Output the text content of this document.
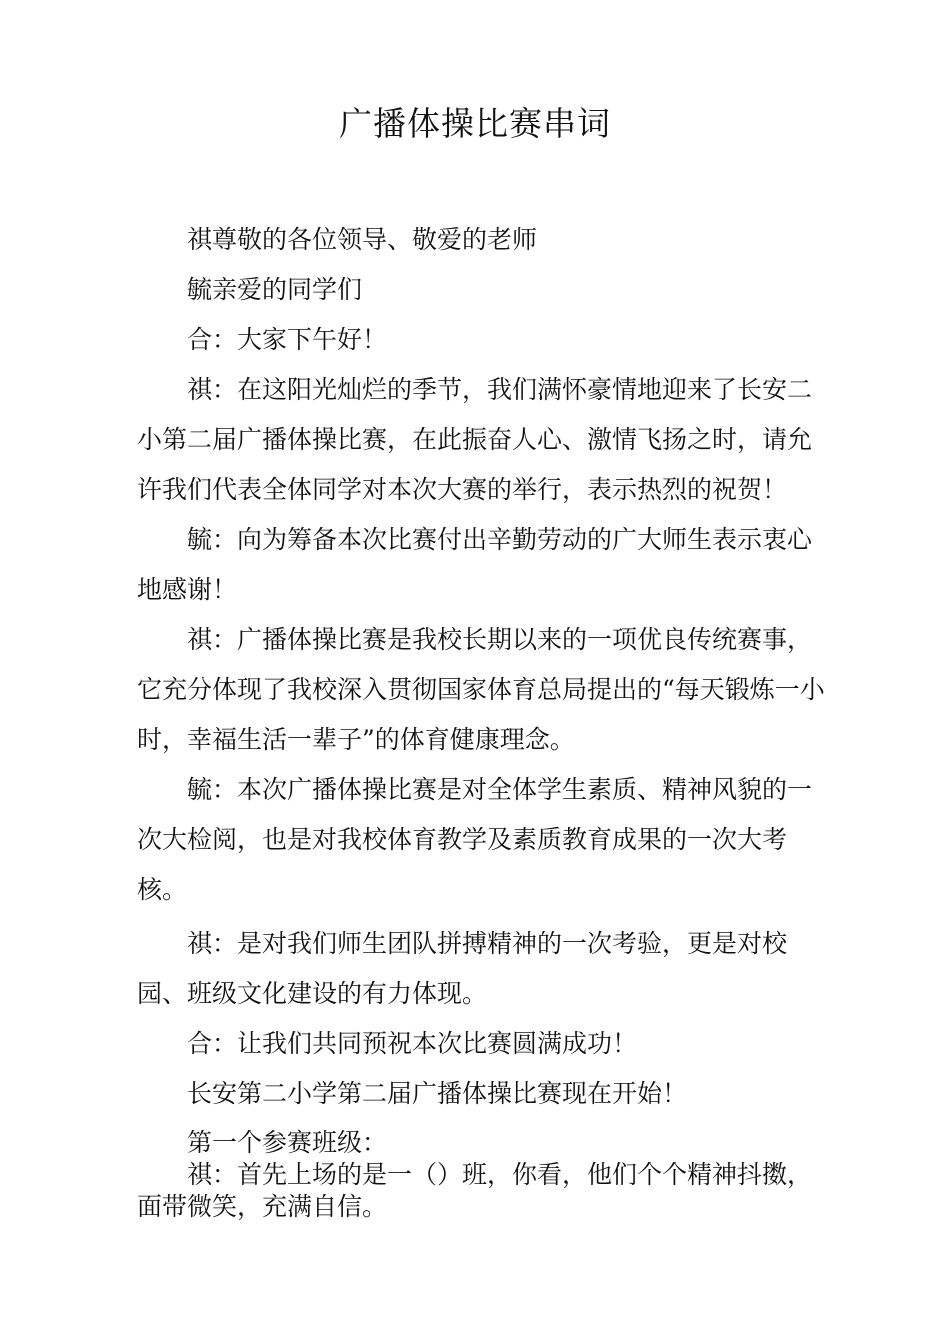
广播体操比赛串词

祺尊敬的各位领导、敬爱的老师

毓亲爱的同学们

合：大家下午好！

祺：在这阳光灿烂的季节，我们满怀豪情地迎来了长安二小第二届广播体操比赛，在此振奋人心、激情飞扬之时，请允许我们代表全体同学对本次大赛的举行，表示热烈的祝贺！

毓：向为筹备本次比赛付出辛勤劳动的广大师生表示衷心地感谢！

祺：广播体操比赛是我校长期以来的一项优良传统赛事，它充分体现了我校深入贯彻国家体育总局提出的“每天锻炼一小时，幸福生活一辈子”的体育健康理念。

毓：本次广播体操比赛是对全体学生素质、精神风貌的一次大检阅，也是对我校体育教学及素质教育成果的一次大考核。

祺：是对我们师生团队拼搏精神的一次考验，更是对校园、班级文化建设的有力体现。

合：让我们共同预祝本次比赛圆满成功！

长安第二小学第二届广播体操比赛现在开始！

第一个参赛班级：

祺：首先上场的是一（）班，你看，他们个个精神抖擞，面带微笑，充满自信。
